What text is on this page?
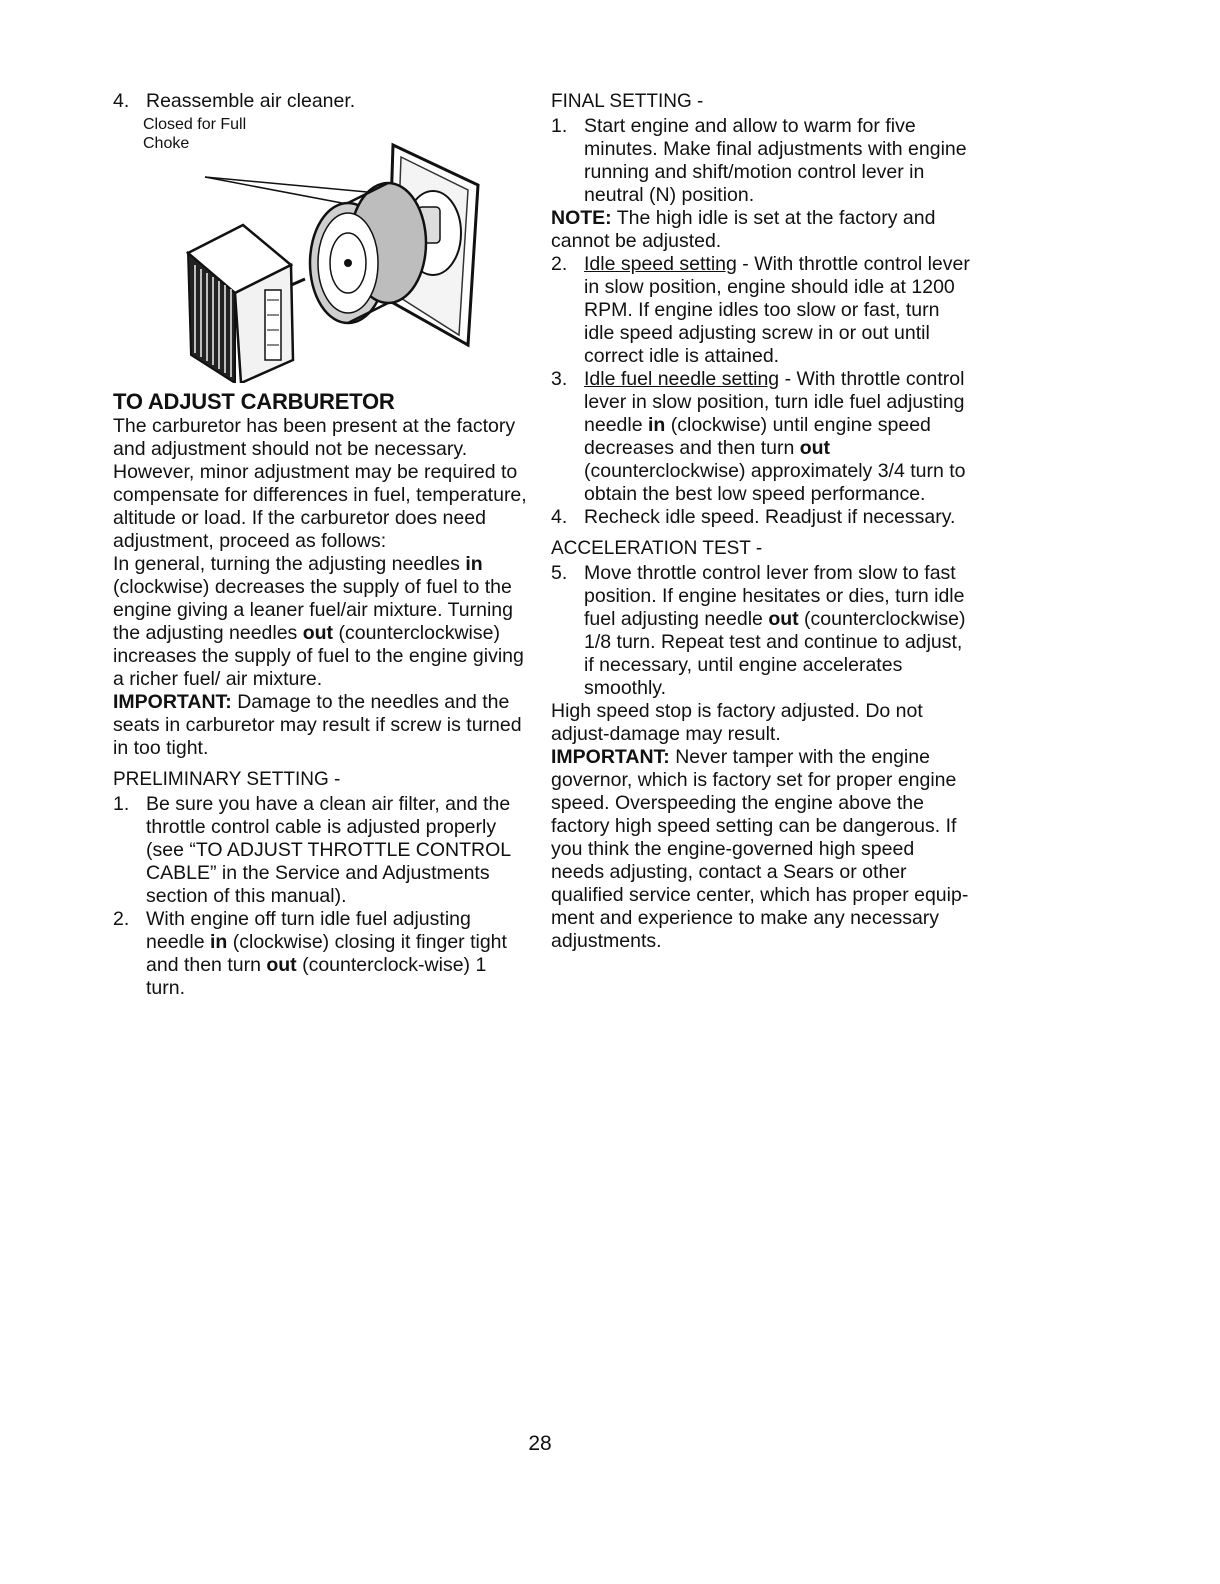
4. Reassemble air cleaner.
Closed for Full
Choke
TO ADJUST CARBURETOR

The carburetor has been present at the factory and adjustment should not be necessary. However, minor adjustment may be required to compensate for differences in fuel, temperature, altitude or load. If the carburetor does need adjustment, proceed as follows:

In general, turning the adjusting needles in (clockwise) decreases the supply of fuel to the engine giving a leaner fuel/air mixture. Turning the adjusting needles out (counterclockwise) increases the supply of fuel to the engine giving a richer fuel/ air mixture.

IMPORTANT: Damage to the needles and the seats in carburetor may result if screw is turned in too tight.

PRELIMINARY SETTING -

1. Be sure you have a clean air filter, and the throttle control cable is adjusted properly (see “TO ADJUST THROTTLE CONTROL CABLE” in the Service and Adjustments section of this manual).
2. With engine off turn idle fuel adjusting needle in (clockwise) closing it finger tight and then turn out (counterclock-wise) 1 turn.

FINAL SETTING -

1. Start engine and allow to warm for five minutes. Make final adjustments with engine running and shift/motion control lever in neutral (N) position.

NOTE: The high idle is set at the factory and cannot be adjusted.

2. Idle speed setting - With throttle control lever in slow position, engine should idle at 1200 RPM. If engine idles too slow or fast, turn idle speed adjusting screw in or out until correct idle is attained.
3. Idle fuel needle setting - With throttle control lever in slow position, turn idle fuel adjusting needle in (clockwise) until engine speed decreases and then turn out (counterclockwise) approximately 3/4 turn to obtain the best low speed performance.
4. Recheck idle speed. Readjust if necessary.

ACCELERATION TEST -

5. Move throttle control lever from slow to fast position. If engine hesitates or dies, turn idle fuel adjusting needle out (counterclockwise) 1/8 turn. Repeat test and continue to adjust, if necessary, until engine accelerates smoothly.

High speed stop is factory adjusted. Do not adjust-damage may result.

IMPORTANT: Never tamper with the engine governor, which is factory set for proper engine speed. Overspeeding the engine above the factory high speed setting can be dangerous. If you think the engine-governed high speed needs adjusting, contact a Sears or other qualified service center, which has proper equip-ment and experience to make any necessary adjustments.

28
